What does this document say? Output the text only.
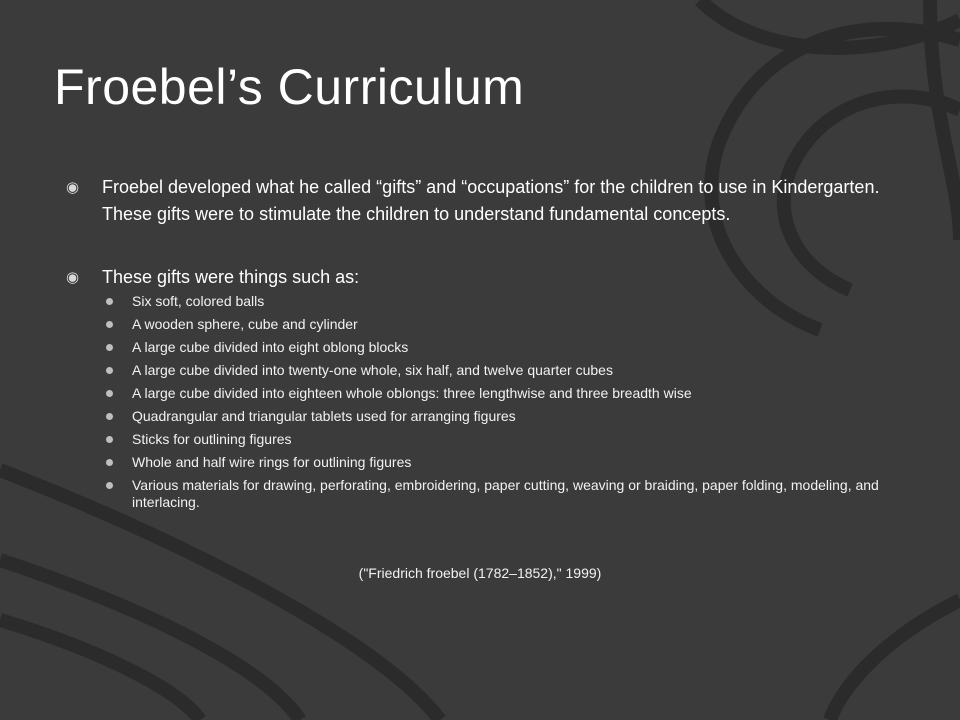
Froebel’s Curriculum
◉	Froebel developed what he called “gifts” and “occupations” for the children to use in Kindergarten. These gifts were to stimulate the children to understand fundamental concepts.
◉	These gifts were things such as:
Six soft, colored balls
A wooden sphere, cube and cylinder
A large cube divided into eight oblong blocks
A large cube divided into twenty-one whole, six half, and twelve quarter cubes
A large cube divided into eighteen whole oblongs: three lengthwise and three breadth wise
Quadrangular and triangular tablets used for arranging figures
Sticks for outlining figures
Whole and half wire rings for outlining figures
Various materials for drawing, perforating, embroidering, paper cutting, weaving or braiding, paper folding, modeling, and interlacing.
("Friedrich froebel (1782–1852)," 1999)
